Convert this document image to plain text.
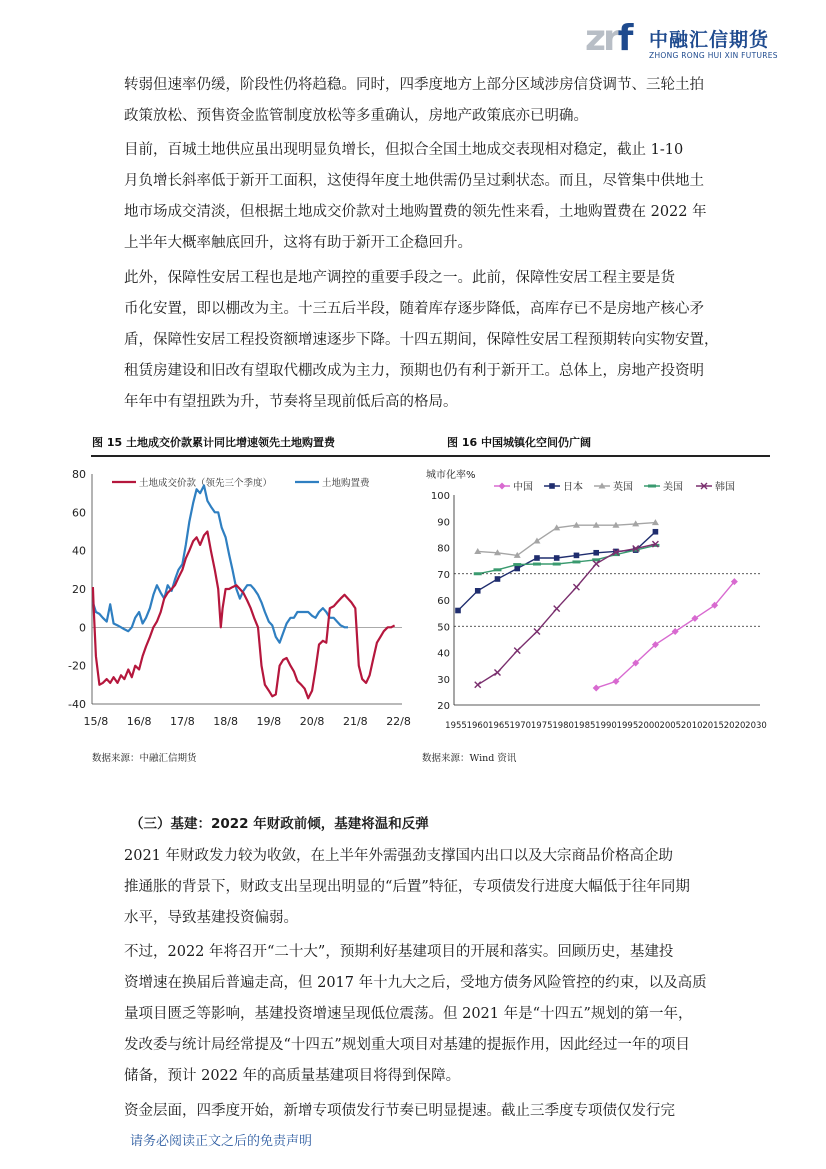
zrf 中融汇信期货
ZHONG RONG HUI XIN FUTURES
转弱但速率仍缓，阶段性仍将趋稳。同时，四季度地方上部分区域涉房信贷调节、三轮土拍
政策放松、预售资金监管制度放松等多重确认，房地产政策底亦已明确。
目前，百城土地供应虽出现明显负增长，但拟合全国土地成交表现相对稳定，截止 1-10
月负增长斜率低于新开工面积，这使得年度土地供需仍呈过剩状态。而且，尽管集中供地土
地市场成交清淡，但根据土地成交价款对土地购置费的领先性来看，土地购置费在 2022 年
上半年大概率触底回升，这将有助于新开工企稳回升。
此外，保障性安居工程也是地产调控的重要手段之一。此前，保障性安居工程主要是货
币化安置，即以棚改为主。十三五后半段，随着库存逐步降低，高库存已不是房地产核心矛
盾，保障性安居工程投资额增速逐步下降。十四五期间，保障性安居工程预期转向实物安置，
租赁房建设和旧改有望取代棚改成为主力，预期也仍有利于新开工。总体上，房地产投资明
年年中有望扭跌为升，节奏将呈现前低后高的格局。
图 15 土地成交价款累计同比增速领先土地购置费	图 16 中国城镇化空间仍广阔
80
60
40
20
0
-20
-40
15/8 16/8 17/8 18/8 19/8 20/8 21/8 22/8
土地成交价款（领先三个季度）	土地购置费
城市化率%
100
90
80
70
60
50
40
30
20
1955 1960 1965 1970 1975 1980 1985 1990 1995 2000 2005 2010 2015 2020 2030
中国	日本	英国	美国	韩国
数据来源：中融汇信期货	数据来源：Wind 资讯
（三）基建：2022 年财政前倾，基建将温和反弹
2021 年财政发力较为收敛，在上半年外需强劲支撑国内出口以及大宗商品价格高企助
推通胀的背景下，财政支出呈现出明显的“后置”特征，专项债发行进度大幅低于往年同期
水平，导致基建投资偏弱。
不过，2022 年将召开“二十大”，预期利好基建项目的开展和落实。回顾历史，基建投
资增速在换届后普遍走高，但 2017 年十九大之后，受地方债务风险管控的约束，以及高质
量项目匮乏等影响，基建投资增速呈现低位震荡。但 2021 年是“十四五”规划的第一年，
发改委与统计局经常提及“十四五”规划重大项目对基建的提振作用，因此经过一年的项目
储备，预计 2022 年的高质量基建项目将得到保障。
资金层面，四季度开始，新增专项债发行节奏已明显提速。截止三季度专项债仅发行完
请务必阅读正文之后的免责声明
